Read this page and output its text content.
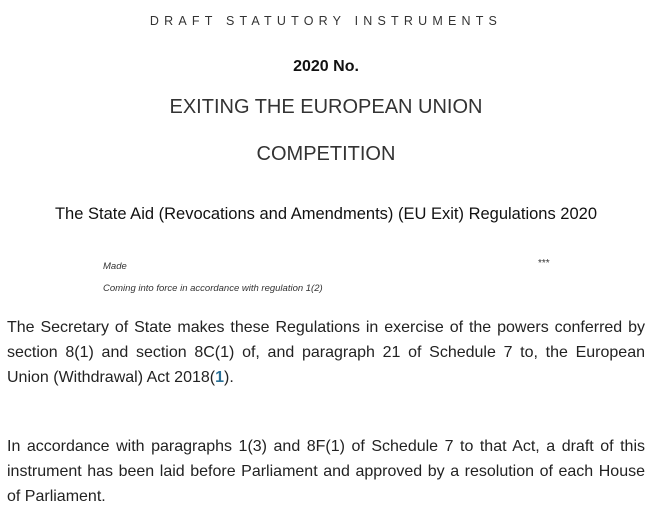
DRAFT STATUTORY INSTRUMENTS
2020 No.
EXITING THE EUROPEAN UNION
COMPETITION
The State Aid (Revocations and Amendments) (EU Exit) Regulations 2020
Made	***
Coming into force in accordance with regulation 1(2)

The Secretary of State makes these Regulations in exercise of the powers conferred by section 8(1) and section 8C(1) of, and paragraph 21 of Schedule 7 to, the European Union (Withdrawal) Act 2018(1).

In accordance with paragraphs 1(3) and 8F(1) of Schedule 7 to that Act, a draft of this instrument has been laid before Parliament and approved by a resolution of each House of Parliament.
